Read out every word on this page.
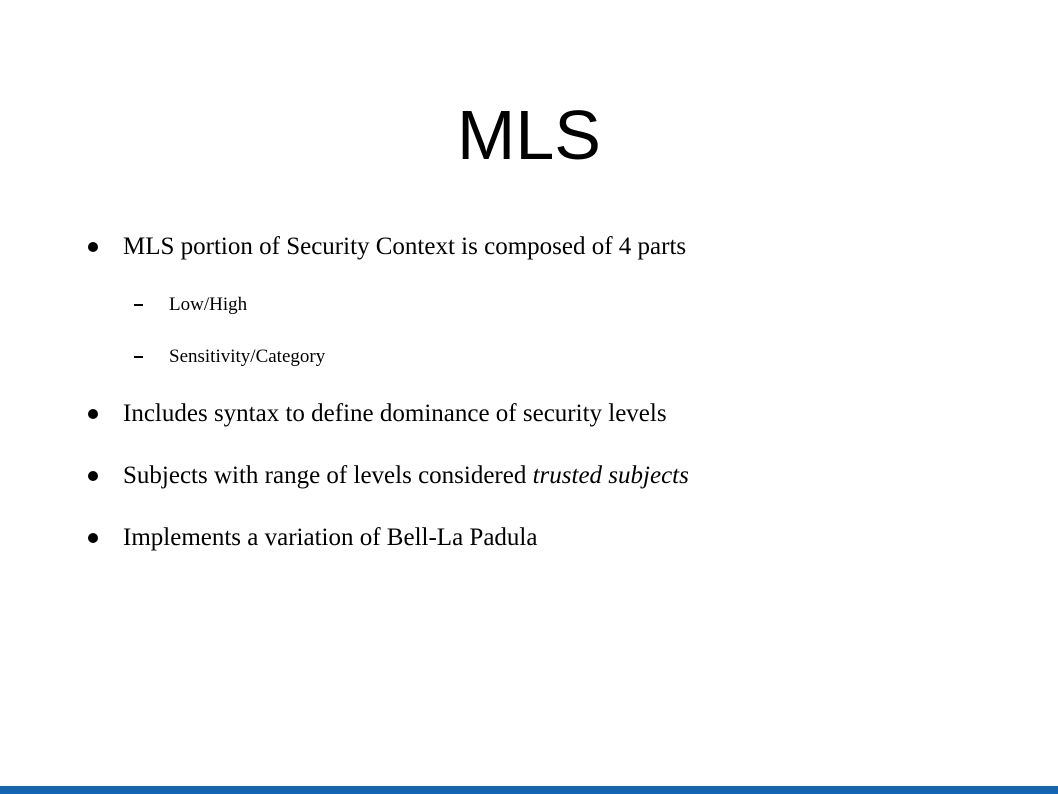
MLS
MLS portion of Security Context is composed of 4 parts
Low/High
Sensitivity/Category
Includes syntax to define dominance of security levels
Subjects with range of levels considered trusted subjects
Implements a variation of Bell-La Padula
